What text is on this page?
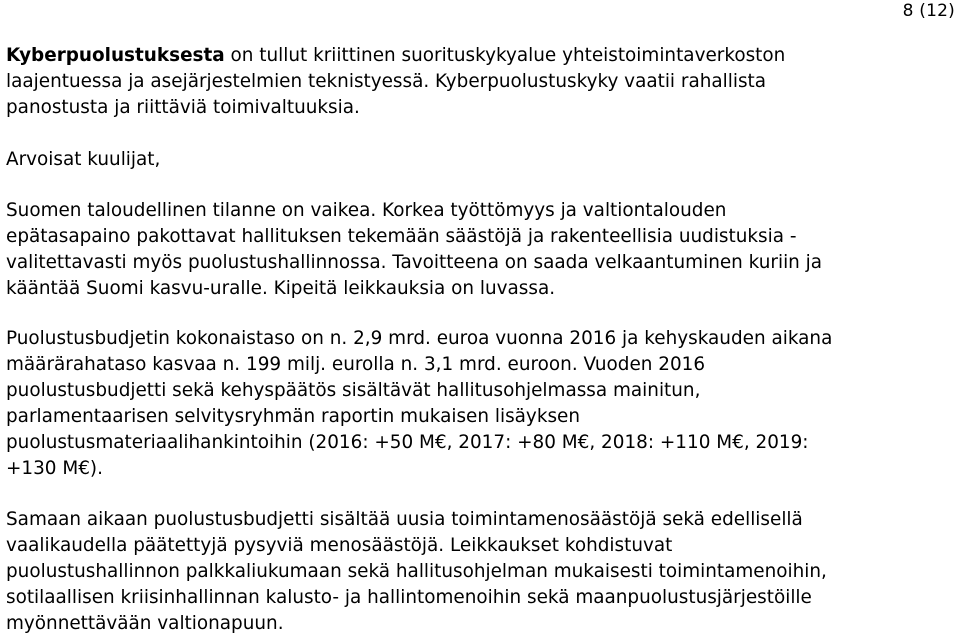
8 (12)

Kyberpuolustuksesta on tullut kriittinen suorituskykyalue yhteistoimintaverkoston
laajentuessa ja asejärjestelmien teknistyessä. Kyberpuolustuskyky vaatii rahallista
panostusta ja riittäviä toimivaltuuksia.

Arvoisat kuulijat,

Suomen taloudellinen tilanne on vaikea. Korkea työttömyys ja valtiontalouden
epätasapaino pakottavat hallituksen tekemään säästöjä ja rakenteellisia uudistuksia -
valitettavasti myös puolustushallinnossa. Tavoitteena on saada velkaantuminen kuriin ja
kääntää Suomi kasvu-uralle. Kipeitä leikkauksia on luvassa.

Puolustusbudjetin kokonaistaso on n. 2,9 mrd. euroa vuonna 2016 ja kehyskauden aikana
määrärahataso kasvaa n. 199 milj. eurolla n. 3,1 mrd. euroon. Vuoden 2016
puolustusbudjetti sekä kehyspäätös sisältävät hallitusohjelmassa mainitun,
parlamentaarisen selvitysryhmän raportin mukaisen lisäyksen
puolustusmateriaalihankintoihin (2016: +50 M€, 2017: +80 M€, 2018: +110 M€, 2019:
+130 M€).

Samaan aikaan puolustusbudjetti sisältää uusia toimintamenosäästöjä sekä edellisellä
vaalikaudella päätettyjä pysyviä menosäästöjä. Leikkaukset kohdistuvat
puolustushallinnon palkkaliukumaan sekä hallitusohjelman mukaisesti toimintamenoihin,
sotilaallisen kriisinhallinnan kalusto- ja hallintomenoihin sekä maanpuolustusjärjestöille
myönnettävään valtionapuun.
